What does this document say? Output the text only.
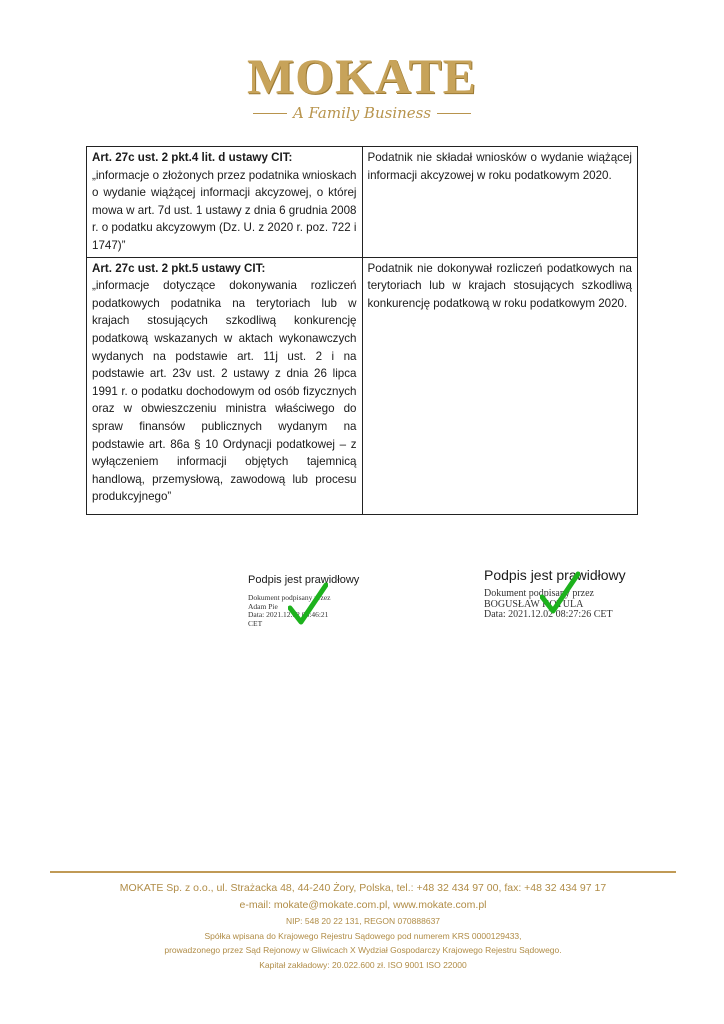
MOKATE
A Family Business
Art. 27c ust. 2 pkt.4 lit. d ustawy CIT:
„informacje o złożonych przez podatnika wnioskach o wydanie wiążącej informacji akcyzowej, o której mowa w art. 7d ust. 1 ustawy z dnia 6 grudnia 2008 r. o podatku akcyzowym (Dz. U. z 2020 r. poz. 722 i 1747)”	Podatnik nie składał wniosków o wydanie wiążącej informacji akcyzowej w roku podatkowym 2020.

Art. 27c ust. 2 pkt.5 ustawy CIT:
„informacje dotyczące dokonywania rozliczeń podatkowych podatnika na terytoriach lub w krajach stosujących szkodliwą konkurencję podatkową wskazanych w aktach wykonawczych wydanych na podstawie art. 11j ust. 2 i na podstawie art. 23v ust. 2 ustawy z dnia 26 lipca 1991 r. o podatku dochodowym od osób fizycznych oraz w obwieszczeniu ministra właściwego do spraw finansów publicznych wydanym na podstawie art. 86a § 10 Ordynacji podatkowej – z wyłączeniem informacji objętych tajemnicą handlową, przemysłową, zawodową lub procesu produkcyjnego”	Podatnik nie dokonywał rozliczeń podatkowych na terytoriach lub w krajach stosujących szkodliwą konkurencję podatkową w roku podatkowym 2020.
Podpis jest prawidłowy
Dokument podpisany przez
Adam Pie
Data: 2021.12.02 08:46:21
CET
Podpis jest prawidłowy
Dokument podpisany przez
BOGUSŁAW KOTULA
Data: 2021.12.02 08:27:26 CET
MOKATE Sp. z o.o., ul. Strażacka 48, 44-240 Żory, Polska, tel.: +48 32 434 97 00, fax: +48 32 434 97 17
e-mail: mokate@mokate.com.pl, www.mokate.com.pl
NIP: 548 20 22 131, REGON 070888637
Spółka wpisana do Krajowego Rejestru Sądowego pod numerem KRS 0000129433,
prowadzonego przez Sąd Rejonowy w Gliwicach X Wydział Gospodarczy Krajowego Rejestru Sądowego.
Kapitał zakładowy: 20.022.600 zł. ISO 9001 ISO 22000
